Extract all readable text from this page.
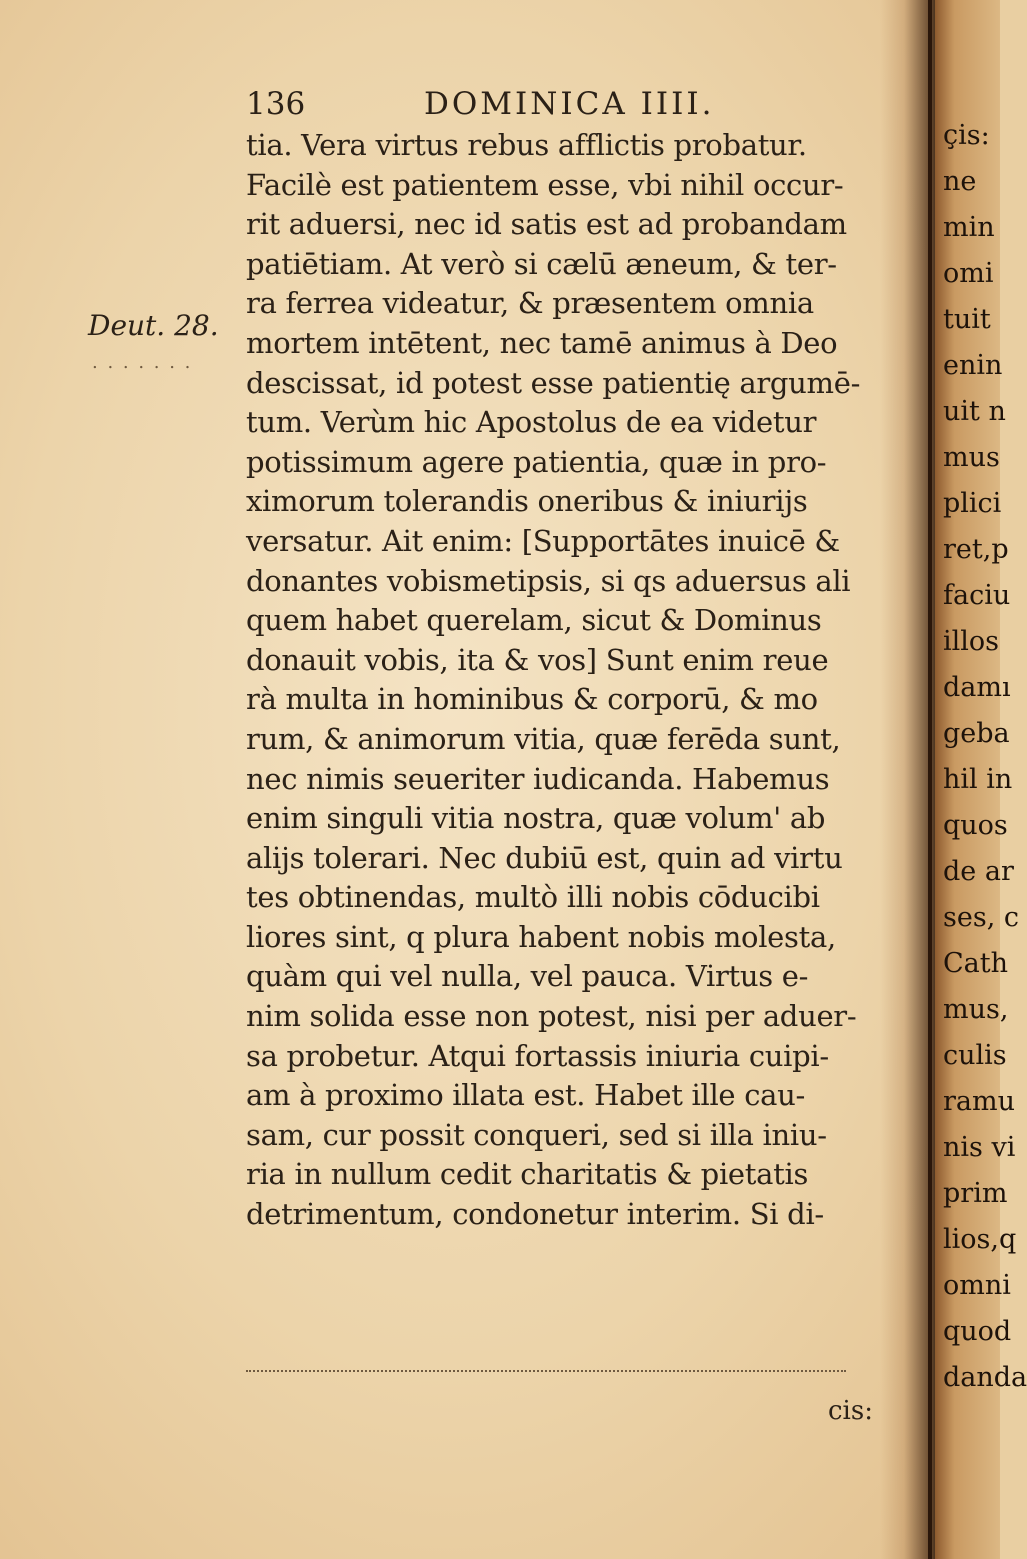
136	DOMINICA IIII.
Deut. 28.
. . . . . . .
tia. Vera virtus rebus afflictis probatur.
Facilè est patientem esse, vbi nihil occur-
rit aduersi, nec id satis est ad probandam
patiētiam. At verò si cælū æneum, & ter-
ra ferrea videatur, & præsentem omnia
mortem intētent, nec tamē animus à Deo
descissat, id potest esse patientię argumē-
tum. Verùm hic Apostolus de ea videtur
potissimum agere patientia, quæ in pro-
ximorum tolerandis oneribus & iniurijs
versatur. Ait enim: [Supportātes inuicē &
donantes vobismetipsis, si qs aduersus ali
quem habet querelam, sicut & Dominus
donauit vobis, ita & vos] Sunt enim reue
rà multa in hominibus & corporū, & mo
rum, & animorum vitia, quæ ferēda sunt,
nec nimis seueriter iudicanda. Habemus
enim singuli vitia nostra, quæ volum' ab
alijs tolerari. Nec dubiū est, quin ad virtu
tes obtinendas, multò illi nobis cōducibi
liores sint, q plura habent nobis molesta,
quàm qui vel nulla, vel pauca. Virtus e-
nim solida esse non potest, nisi per aduer-
sa probetur. Atqui fortassis iniuria cuipi-
am à proximo illata est. Habet ille cau-
sam, cur possit conqueri, sed si illa iniu-
ria in nullum cedit charitatis & pietatis
detrimentum, condonetur interim. Si di-
cis:
çis:
ne
min
omi
tuit
enin
uit n
mus
plici
ret,p
faciu
illos
damı
geba
hil in
quos
de ar
ses, c
Cath
mus,
culis
ramu
nis vi
prim
lios,q
omni
quod
danda
